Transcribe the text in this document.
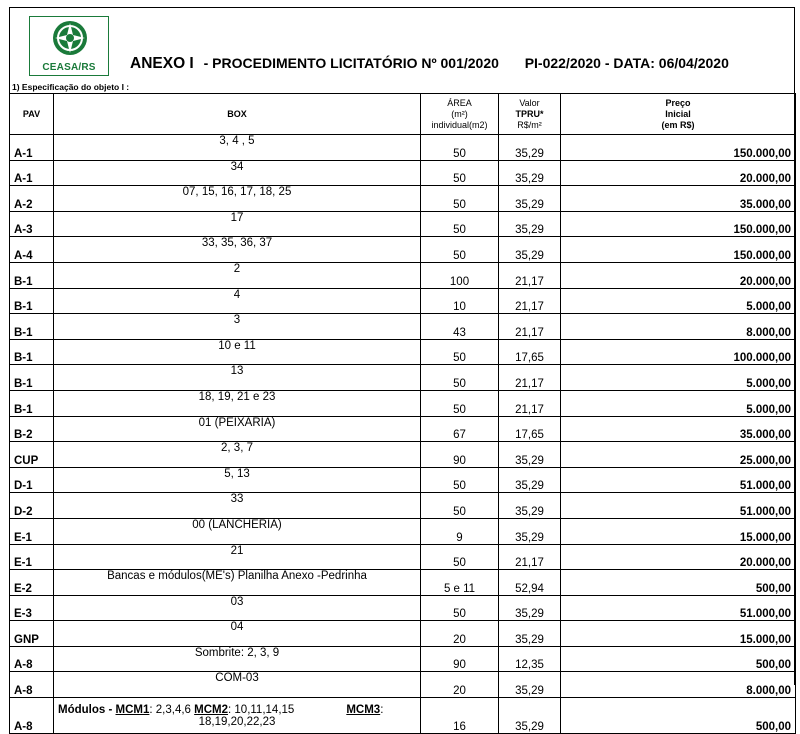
CEASA/RS	ANEXO I - PROCEDIMENTO LICITATÓRIO Nº 001/2020 PI-022/2020 - DATA: 06/04/2020
1) Especificação do objeto I :
PAV	BOX	ÁREA
(m²)
individual(m2)	Valor
TPRU*
R$/m²	Preço
Inicial
(em R$)
A-1	3, 4 , 5	50	35,29	150.000,00
A-1	34	50	35,29	20.000,00
A-2	07, 15, 16, 17, 18, 25	50	35,29	35.000,00
A-3	17	50	35,29	150.000,00
A-4	33, 35, 36, 37	50	35,29	150.000,00
B-1	2	100	21,17	20.000,00
B-1	4	10	21,17	5.000,00
B-1	3	43	21,17	8.000,00
B-1	10 e 11	50	17,65	100.000,00
B-1	13	50	21,17	5.000,00
B-1	18, 19, 21 e 23	50	21,17	5.000,00
B-2	01 (PEIXARIA)	67	17,65	35.000,00
CUP	2, 3, 7	90	35,29	25.000,00
D-1	5, 13	50	35,29	51.000,00
D-2	33	50	35,29	51.000,00
E-1	00 (LANCHERIA)	9	35,29	15.000,00
E-1	21	50	21,17	20.000,00
E-2	Bancas e módulos(ME's) Planilha Anexo -Pedrinha	5 e 11	52,94	500,00
E-3	03	50	35,29	51.000,00
GNP	04	20	35,29	15.000,00
A-8	Sombrite: 2, 3, 9	90	12,35	500,00
A-8	COM-03	20	35,29	8.000,00
A-8	Módulos - MCM1: 2,3,4,6 MCM2: 10,11,14,15 MCM3:
18,19,20,22,23	16	35,29	500,00
